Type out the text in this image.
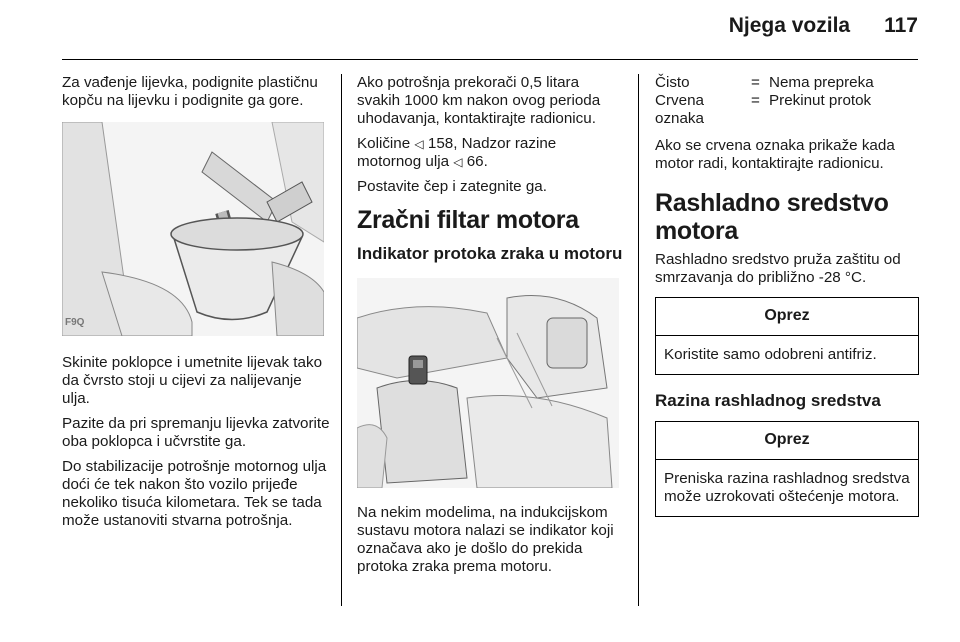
Njega vozila 117

Za vađenje lijevka, podignite plastičnu kopču na lijevku i podignite ga gore.

F9Q

Skinite poklopce i umetnite lijevak tako da čvrsto stoji u cijevi za nalijevanje ulja.

Pazite da pri spremanju lijevka zatvorite oba poklopca i učvrstite ga.

Do stabilizacije potrošnje motornog ulja doći će tek nakon što vozilo prijeđe nekoliko tisuća kilometara. Tek se tada može ustanoviti stvarna potrošnja.

Ako potrošnja prekorači 0,5 litara svakih 1000 km nakon ovog perioda uhodavanja, kontaktirajte radionicu.

Količine ◁ 158, Nadzor razine motornog ulja ◁ 66.

Postavite čep i zategnite ga.

Zračni filtar motora
Indikator protoka zraka u motoru

Na nekim modelima, na indukcijskom sustavu motora nalazi se indikator koji označava ako je došlo do prekida protoka zraka prema motoru.

Čisto	= Nema prepreka
Crvena oznaka
= Prekinut protok

Ako se crvena oznaka prikaže kada motor radi, kontaktirajte radionicu.

Rashladno sredstvo motora

Rashladno sredstvo pruža zaštitu od smrzavanja do približno -28 °C.

Oprez
Koristite samo odobreni antifriz.
Razina rashladnog sredstva
Oprez
Preniska razina rashladnog sredstva može uzrokovati oštećenje motora.
